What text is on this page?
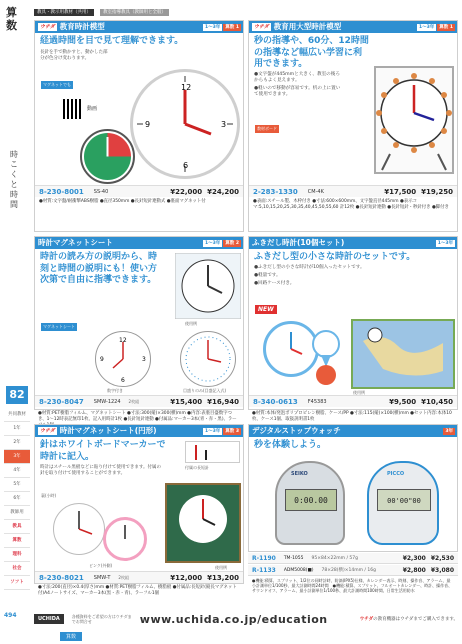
算数
時こくと時間
82
共同教材
1年
2年
3年
4年
5年
6年
教師用
教具
算数
理科
社会
ソフト
494
教具・教示用教材（共用）	教室指導教具（教師用と全般）
ウチダ 教育時計模型	1～3年	算数 1
経過時間を目で見て理解できます。
長針を手で動かすと、動かした部分が色分け変わります。
マグネットでも
動画
12
3
6
9
8-230-8001 SS-40	¥22,000 ¥24,200
●材質:文字盤/耐衝撃ABS樹脂 ●直径350mm ●長針短針連動式 ●裏面マグネット付
ウチダ 教育用大型時計模型	1～3年	算数 1
秒の指導や、60分、12時間の指導など幅広い学習に利用できます。
●文字盤が445mmと大きく、教室の後ろからもよく見えます。
●軽いので移動が容易です。机の上に置いて使用できます。
教材ボード
2-283-1330 CM-4K	¥17,500 ¥19,250
●表面:スチール製、木枠付き ●寸法:600×600mm、文字盤直径445mm ●表示コマ:5,10,15,20,25,30,35,40,45,50,55,60 計12枚 ●長針短針連動 ●長針短針・秒針付き ●脚付き
時計マグネットシート	1～3年	算数 2
時計の読み方の説明から、時刻と時間の説明にも！使い方次第で自由に指導できます。
マグネットシート
使用例
12
3
6
9
数字付き	目盛りのみ(目盛記入式)
8-230-8047 SMW-1224 2枚組	¥15,400 ¥16,940
●材質:PET樹脂フィルム、マグネットシート ●寸法:300(縦)×300(横)mm ●内容:表裏目盛数字つき、1～12時表記無印1枚、記入用時計1枚 ●長針短針連動 ●付属品:マーカー3本(青・赤・黒)、ラー
ふきだし時計(10個セット)	1～3年
ふきだし型の小さな時計のセットです。
●ふきだし型の小さな時計が10個入ったセットです。
●軽量です。
●回路ケース付き。
NEW
使用例
8-340-0613 F45383	¥9,500 ¥10,450
●材質:本体/発泡ポリプロピレン樹脂、ケース/PP ●寸法:115(縦)×100(横)mm ●セット内容:本体10枚、ケース1個、取扱説明書1枚
ウチダ 時計マグネットシート(円形)	1～3年	算数 3
針はホワイトボードマーカーで時計に記入。
時計はスチール黒板などに貼り付けて使用できます。付属の針を取り付けて使用することができます。
付属の長短針
裏(小時)
ピンク(外側)	使用例
8-230-8021 SMW-T 2枚組	¥12,000 ¥13,200
●寸法:200(直径)×0.4(厚さ)mm ●材質:PET樹脂フィルム、樹脂板 ●付属品:長短針(縦長マグネット付)A4ノートサイズ、マーカー3本(黒・赤・青)、ラーフル1個
デジタルストップウォッチ	3年
秒を体験しよう。
SEIKO
0:00.00
PICCO
00'00"00
R-1190 TM-1055 95×84×22mm / 57g	¥2,300 ¥2,530
R-1133 ADM5008(■) 78×28(横)×14mm / 16g	¥2,800 ¥3,080
●機能:積算、スプリット、1/2位の同時計時、防滴(IPX5)仕様、カレンダー表示、時刻、操作音、アラーム、最小計測単位1/100秒、最大計測時間24時間　●機能:積算、スプリット、フルオートカレンダー、時計、操作音、サウンドオフ、アラーム、最小計測単位1/100秒、最大計測時間100時間、日常生活用防水
UCHIDA	各種資料をご希望の方はウチダまでお問合せ	www.uchida.co.jp/education	ウチダの教育機器はウチダまでご購入できます。
算数
